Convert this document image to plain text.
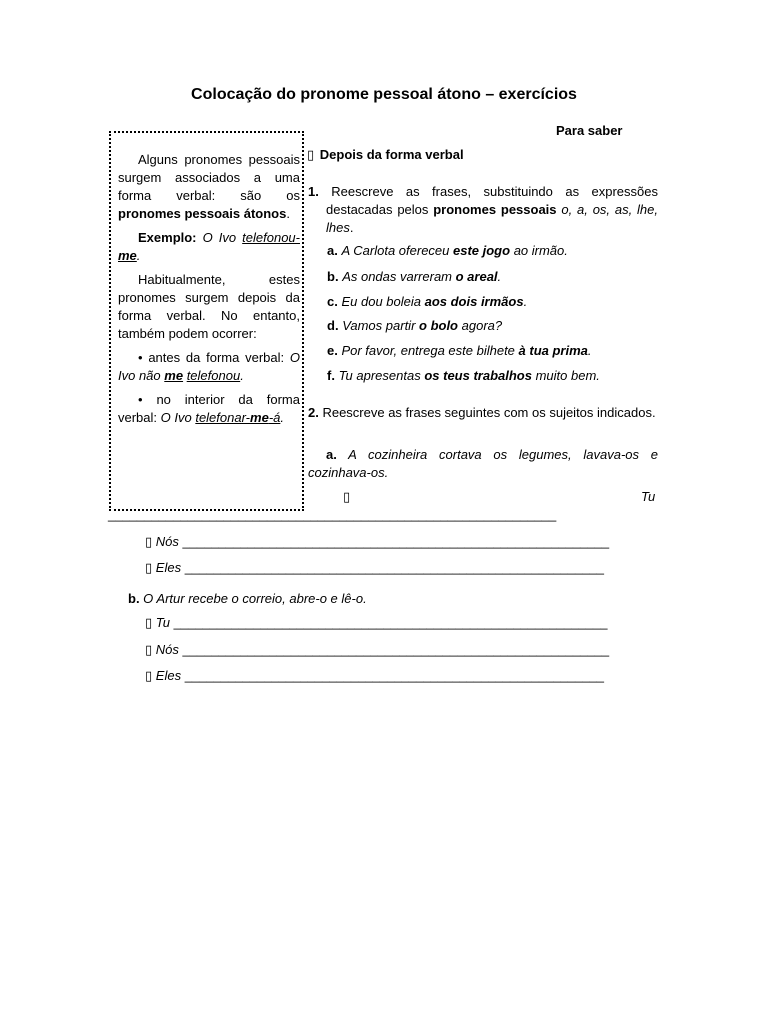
Colocação do pronome pessoal átono – exercícios
Para saber

Alguns pronomes pessoais surgem associados a uma forma verbal: são os pronomes pessoais átonos.

Exemplo: O Ivo telefonou-me.

Habitualmente, estes pronomes surgem depois da forma verbal. No entanto, também podem ocorrer:

• antes da forma verbal: O Ivo não me telefonou.

• no interior da forma verbal: O Ivo telefonar-me-á.

▯ Depois da forma verbal
1. Reescreve as frases, substituindo as expressões destacadas pelos pronomes pessoais o, a, os, as, lhe, lhes.
a. A Carlota ofereceu este jogo ao irmão.
b. As ondas varreram o areal.
c. Eu dou boleia aos dois irmãos.
d. Vamos partir o bolo agora?
e. Por favor, entrega este bilhete à tua prima.
f. Tu apresentas os teus trabalhos muito bem.
2. Reescreve as frases seguintes com os sujeitos indicados.
a. A cozinheira cortava os legumes, lavava-os e cozinhava-os.
▯	Tu
______________________________________________________________
▯ Nós ___________________________________________________________
▯ Eles __________________________________________________________
b. O Artur recebe o correio, abre-o e lê-o.
▯ Tu ____________________________________________________________
▯ Nós ___________________________________________________________
▯ Eles __________________________________________________________
